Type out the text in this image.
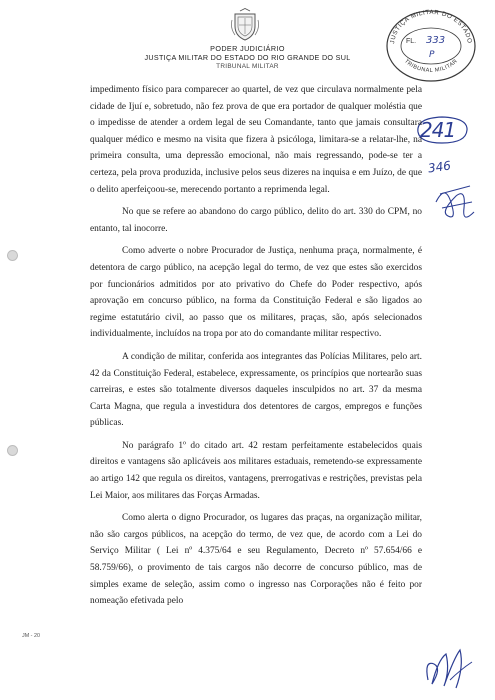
PODER JUDICIÁRIO
JUSTIÇA MILITAR DO ESTADO DO RIO GRANDE DO SUL
TRIBUNAL MILITAR
JUSTIÇA MILITAR DO ESTADO
TRIBUNAL MILITAR
FL. 333
P
241
346

impedimento físico para comparecer ao quartel, de vez que circulava normalmente pela cidade de Ijuí e, sobretudo, não fez prova de que era portador de qualquer moléstia que o impedisse de atender a ordem legal de seu Comandante, tanto que jamais consultara qualquer médico e mesmo na visita que fizera à psicóloga, limitara-se a relatar-lhe, na primeira consulta, uma depressão emocional, não mais regressando, pode-se ter a certeza, pela prova produzida, inclusive pelos seus dizeres na inquisa e em Juízo, de que o delito aperfeiçoou-se, merecendo portanto a reprimenda legal.

No que se refere ao abandono do cargo público, delito do art. 330 do CPM, no entanto, tal inocorre.

Como adverte o nobre Procurador de Justiça, nenhuma praça, normalmente, é detentora de cargo público, na acepção legal do termo, de vez que estes são exercidos por funcionários admitidos por ato privativo do Chefe do Poder respectivo, após aprovação em concurso público, na forma da Constituição Federal e são ligados ao regime estatutário civil, ao passo que os militares, praças, são, após selecionados individualmente, incluídos na tropa por ato do comandante militar respectivo.

A condição de militar, conferida aos integrantes das Polícias Militares, pelo art. 42 da Constituição Federal, estabelece, expressamente, os princípios que nortearão suas carreiras, e estes são totalmente diversos daqueles insculpidos no art. 37 da mesma Carta Magna, que regula a investidura dos detentores de cargos, empregos e funções públicas.

No parágrafo 1º do citado art. 42 restam perfeitamente estabelecidos quais direitos e vantagens são aplicáveis aos militares estaduais, remetendo-se expressamente ao artigo 142 que regula os direitos, vantagens, prerrogativas e restrições, previstas pela Lei Maior, aos militares das Forças Armadas.

Como alerta o digno Procurador, os lugares das praças, na organização militar, não são cargos públicos, na acepção do termo, de vez que, de acordo com a Lei do Serviço Militar ( Lei nº 4.375/64 e seu Regulamento, Decreto nº 57.654/66 e 58.759/66), o provimento de tais cargos não decorre de concurso público, mas de simples exame de seleção, assim como o ingresso nas Corporações não é feito por nomeação efetivada pelo

JM - 20
